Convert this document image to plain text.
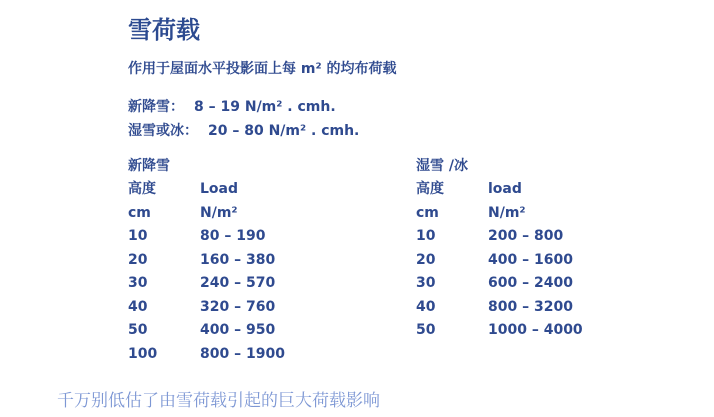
雪荷载
作用于屋面水平投影面上每 m² 的均布荷载
新降雪： 8 – 19 N/m² . cmh.
湿雪或冰： 20 – 80 N/m² . cmh.
新降雪
高度	Load
cm	N/m²
10	80 – 190
20	160 – 380
30	240 – 570
40	320 – 760
50	400 – 950
100	800 – 1900
湿雪 /冰
高度	load
cm	N/m²
10	200 – 800
20	400 – 1600
30	600 – 2400
40	800 – 3200
50	1000 – 4000
千万别低估了由雪荷载引起的巨大荷载影响
